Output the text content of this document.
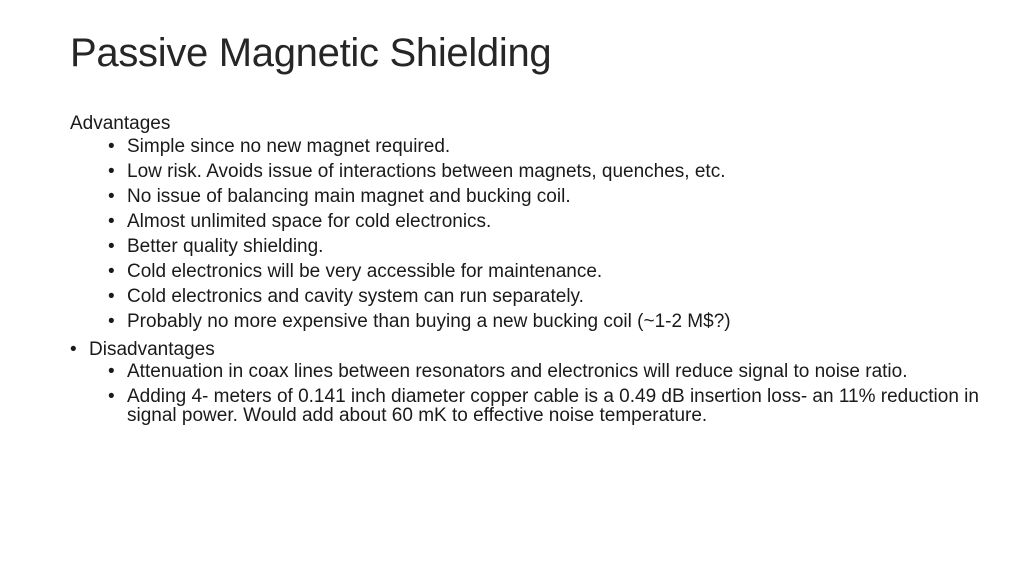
Passive Magnetic Shielding
Advantages
• Simple since no new magnet required.
• Low risk. Avoids issue of interactions between magnets, quenches, etc.
• No issue of balancing main magnet and bucking coil.
• Almost unlimited space for cold electronics.
• Better quality shielding.
• Cold electronics will be very accessible for maintenance.
• Cold electronics and cavity system can run separately.
• Probably no more expensive than buying a new bucking coil (~1-2 M$?)
• Disadvantages
• Attenuation in coax lines between resonators and electronics will reduce signal to noise ratio.
• Adding 4- meters of 0.141 inch diameter copper cable is a 0.49 dB insertion loss- an 11% reduction in signal power. Would add about 60 mK to effective noise temperature.
